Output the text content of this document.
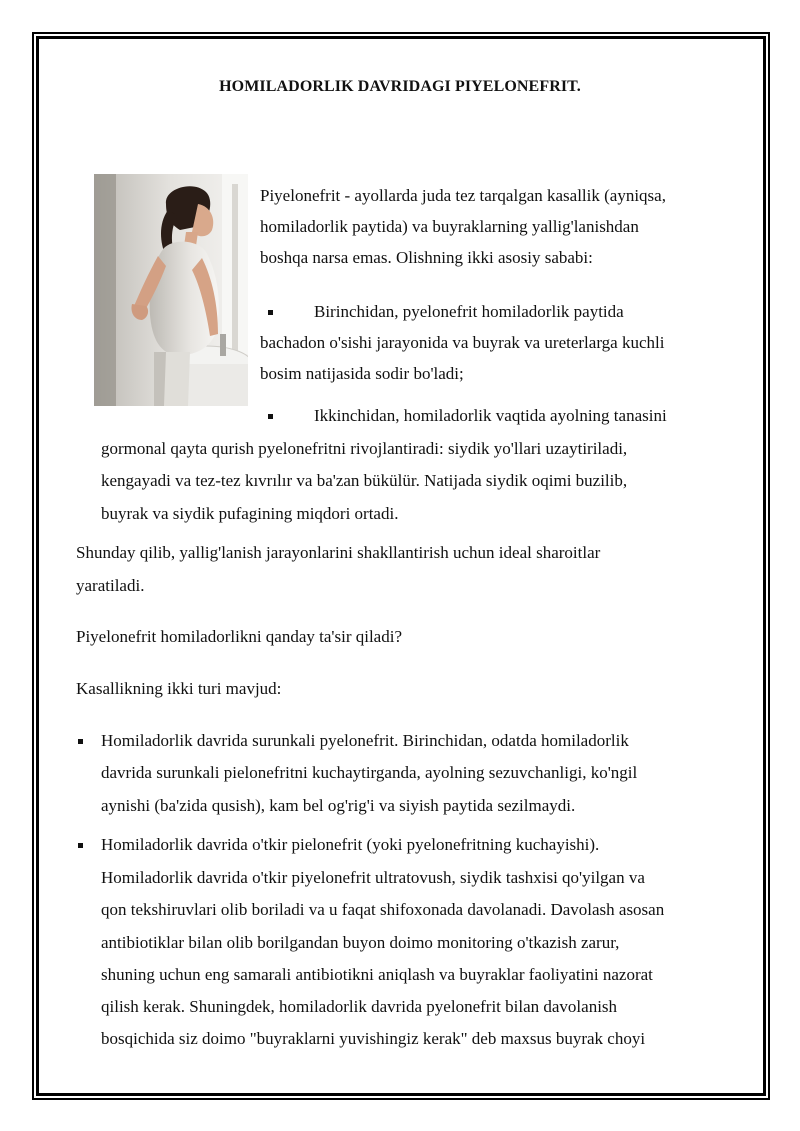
HOMILADORLIK DAVRIDAGI PIYELONEFRIT.
Piyelonefrit - ayollarda juda tez tarqalgan kasallik (ayniqsa,
homiladorlik paytida) va buyraklarning yallig'lanishdan
boshqa narsa emas. Olishning ikki asosiy sababi:
Birinchidan, pyelonefrit homiladorlik paytida
bachadon o'sishi jarayonida va buyrak va ureterlarga kuchli
bosim natijasida sodir bo'ladi;
Ikkinchidan, homiladorlik vaqtida ayolning tanasini
gormonal qayta qurish pyelonefritni rivojlantiradi: siydik yo'llari uzaytiriladi,
kengayadi va tez-tez kıvrılır va ba'zan bükülür. Natijada siydik oqimi buzilib,
buyrak va siydik pufagining miqdori ortadi.
Shunday qilib, yallig'lanish jarayonlarini shakllantirish uchun ideal sharoitlar
yaratiladi.
Piyelonefrit homiladorlikni qanday ta'sir qiladi?
Kasallikning ikki turi mavjud:
Homiladorlik davrida surunkali pyelonefrit. Birinchidan, odatda homiladorlik
davrida surunkali pielonefritni kuchaytirganda, ayolning sezuvchanligi, ko'ngil
aynishi (ba'zida qusish), kam bel og'rig'i va siyish paytida sezilmaydi.
Homiladorlik davrida o'tkir pielonefrit (yoki pyelonefritning kuchayishi).
Homiladorlik davrida o'tkir piyelonefrit ultratovush, siydik tashxisi qo'yilgan va
qon tekshiruvlari olib boriladi va u faqat shifoxonada davolanadi. Davolash asosan
antibiotiklar bilan olib borilgandan buyon doimo monitoring o'tkazish zarur,
shuning uchun eng samarali antibiotikni aniqlash va buyraklar faoliyatini nazorat
qilish kerak. Shuningdek, homiladorlik davrida pyelonefrit bilan davolanish
bosqichida siz doimo "buyraklarni yuvishingiz kerak" deb maxsus buyrak choyi
